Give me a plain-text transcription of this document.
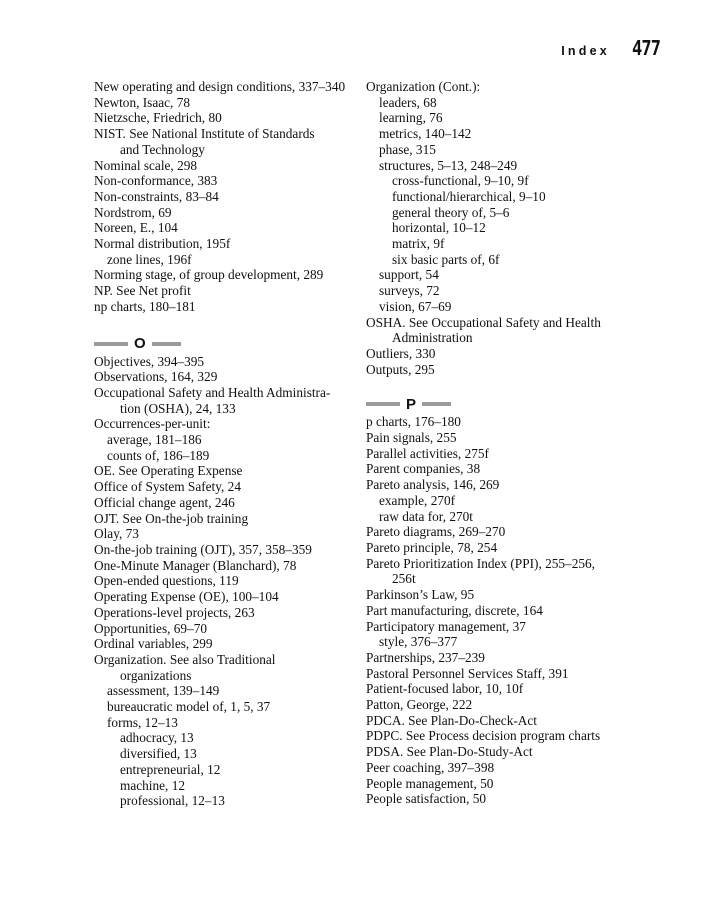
Index 477
New operating and design conditions, 337–340
Newton, Isaac, 78
Nietzsche, Friedrich, 80
NIST. See National Institute of Standards
and Technology
Nominal scale, 298
Non-conformance, 383
Non-constraints, 83–84
Nordstrom, 69
Noreen, E., 104
Normal distribution, 195f
zone lines, 196f
Norming stage, of group development, 289
NP. See Net profit
np charts, 180–181
O
Objectives, 394–395
Observations, 164, 329
Occupational Safety and Health Administra-
tion (OSHA), 24, 133
Occurrences-per-unit:
average, 181–186
counts of, 186–189
OE. See Operating Expense
Office of System Safety, 24
Official change agent, 246
OJT. See On-the-job training
Olay, 73
On-the-job training (OJT), 357, 358–359
One-Minute Manager (Blanchard), 78
Open-ended questions, 119
Operating Expense (OE), 100–104
Operations-level projects, 263
Opportunities, 69–70
Ordinal variables, 299
Organization. See also Traditional
organizations
assessment, 139–149
bureaucratic model of, 1, 5, 37
forms, 12–13
adhocracy, 13
diversified, 13
entrepreneurial, 12
machine, 12
professional, 12–13
Organization (Cont.):
leaders, 68
learning, 76
metrics, 140–142
phase, 315
structures, 5–13, 248–249
cross-functional, 9–10, 9f
functional/hierarchical, 9–10
general theory of, 5–6
horizontal, 10–12
matrix, 9f
six basic parts of, 6f
support, 54
surveys, 72
vision, 67–69
OSHA. See Occupational Safety and Health
Administration
Outliers, 330
Outputs, 295
P
p charts, 176–180
Pain signals, 255
Parallel activities, 275f
Parent companies, 38
Pareto analysis, 146, 269
example, 270f
raw data for, 270t
Pareto diagrams, 269–270
Pareto principle, 78, 254
Pareto Prioritization Index (PPI), 255–256,
256t
Parkinson’s Law, 95
Part manufacturing, discrete, 164
Participatory management, 37
style, 376–377
Partnerships, 237–239
Pastoral Personnel Services Staff, 391
Patient-focused labor, 10, 10f
Patton, George, 222
PDCA. See Plan-Do-Check-Act
PDPC. See Process decision program charts
PDSA. See Plan-Do-Study-Act
Peer coaching, 397–398
People management, 50
People satisfaction, 50
